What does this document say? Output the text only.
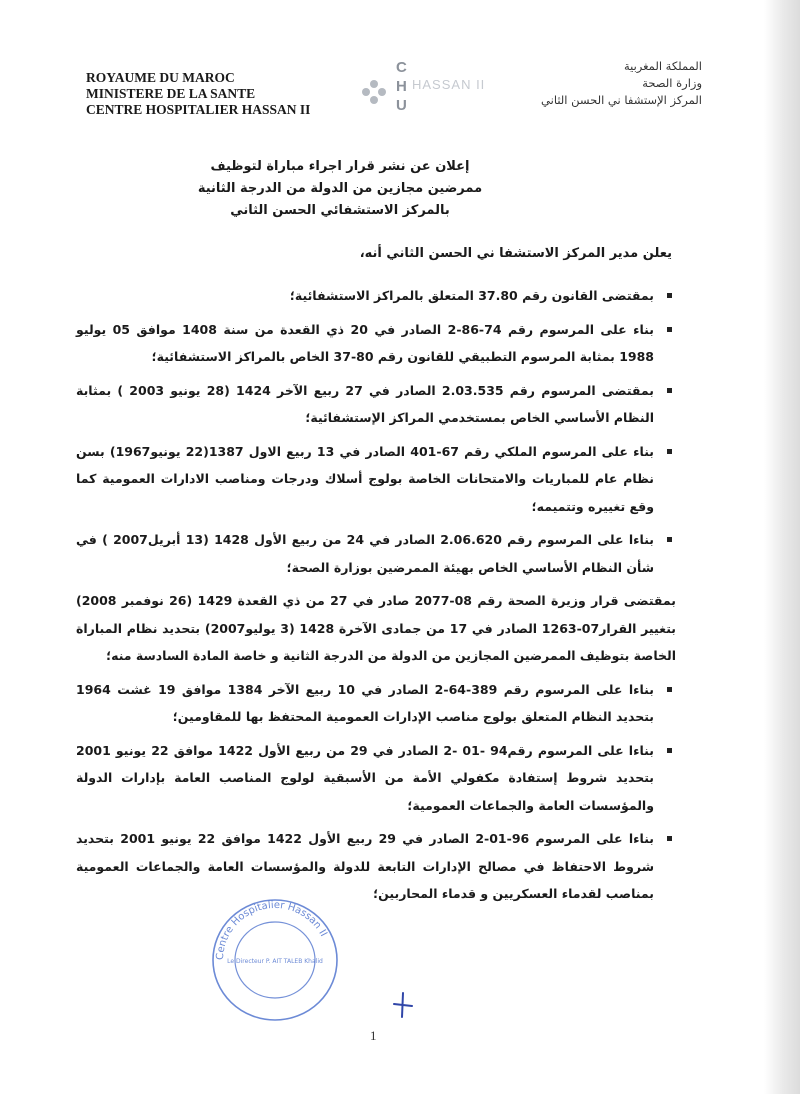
ROYAUME DU MAROC
MINISTERE DE LA SANTE
CENTRE HOSPITALIER HASSAN II
C
H
U
HASSAN II
المملكة المغربية
وزارة الصحة
المركز الإستشفا ني الحسن الثاني
إعلان عن نشر قرار اجراء مباراة لتوظيف
ممرضين مجازين من الدولة من الدرجة الثانية
بالمركز الاستشفائي الحسن الثاني
يعلن مدير المركز الاستشفا ني الحسن الثاني أنه،
بمقتضى القانون رقم 37.80 المتعلق بالمراكز الاستشفائية؛
بناء على المرسوم رقم 74-86-2 الصادر في 20 ذي القعدة من سنة 1408 موافق 05 يوليو 1988 بمثابة المرسوم التطبيقي للقانون رقم 80-37 الخاص بالمراكز الاستشفائية؛
بمقتضى المرسوم رقم 2.03.535 الصادر في 27 ربيع الآخر 1424 (28 يونيو 2003 ) بمثابة النظام الأساسي الخاص بمستخدمي المراكز الإستشفائية؛
بناء على المرسوم الملكي رقم 67-401 الصادر في 13 ربيع الاول 1387(22 يونيو1967) بسن نظام عام للمباريات والامتحانات الخاصة بولوج أسلاك ودرجات ومناصب الادارات العمومية كما وقع تغييره وتتميمه؛
بناءا على المرسوم رقم 2.06.620 الصادر في 24 من ربيع الأول 1428 (13 أبريل2007 ) في شأن النظام الأساسي الخاص بهيئة الممرضين بوزارة الصحة؛
بمقتضى قرار وزيرة الصحة رقم 08-2077 صادر في 27 من ذي القعدة 1429 (26 نوفمبر 2008) بتغيير القرار07-1263 الصادر في 17 من جمادى الآخرة 1428 (3 يوليو2007) بتحديد نظام المباراة الخاصة بتوظيف الممرضين المجازين من الدولة من الدرجة الثانية و خاصة المادة السادسة منه؛
بناءا على المرسوم رقم 389-64-2 الصادر في 10 ربيع الآخر 1384 موافق 19 غشت 1964 بتحديد النظام المتعلق بولوج مناصب الإدارات العمومية المحتفظ بها للمقاومين؛
بناءا على المرسوم رقم94 -01 -2 الصادر في 29 من ربيع الأول 1422 موافق 22 يونيو 2001 بتحديد شروط إستفادة مكفولي الأمة من الأسبقية لولوج المناصب العامة بإدارات الدولة والمؤسسات العامة والجماعات العمومية؛
بناءا على المرسوم 96-01-2 الصادر في 29 ربيع الأول 1422 موافق 22 يونيو 2001 بتحديد شروط الاحتفاظ في مصالح الإدارات التابعة للدولة والمؤسسات العامة والجماعات العمومية بمناصب لقدماء العسكريين و قدماء المحاربين؛
Centre Hospitalier Hassan II
Le Directeur P. AIT TALEB Khalid
1
